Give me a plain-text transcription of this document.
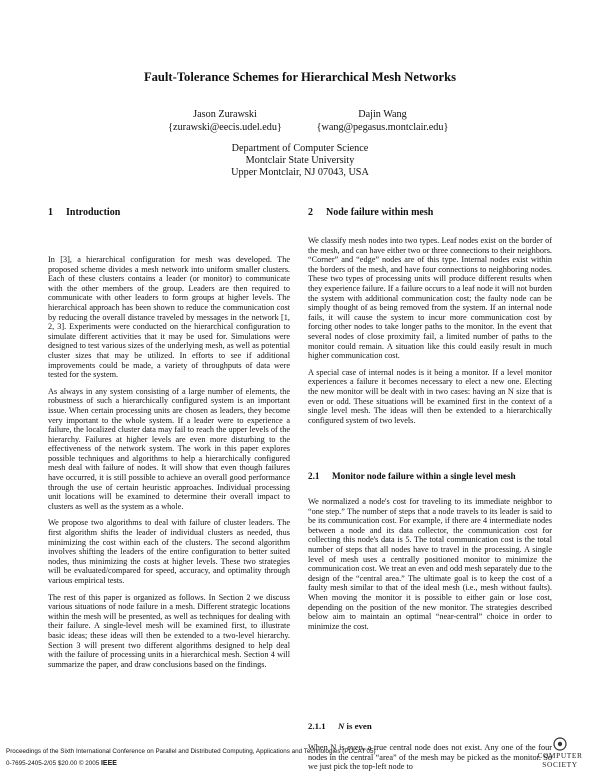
Fault-Tolerance Schemes for Hierarchical Mesh Networks
Jason Zurawski
{zurawski@eecis.udel.edu}
Dajin Wang
{wang@pegasus.montclair.edu}
Department of Computer Science
Montclair State University
Upper Montclair, NJ 07043, USA
1 Introduction

In [3], a hierarchical configuration for mesh was developed. The proposed scheme divides a mesh network into uniform smaller clusters. Each of these clusters contains a leader (or monitor) to communicate with the other members of the group. Leaders are then required to communicate with other leaders to form groups at higher levels. The hierarchical approach has been shown to reduce the communication cost by reducing the overall distance traveled by messages in the network [1, 2, 3]. Experiments were conducted on the hierarchical configuration to simulate different activities that it may be used for. Simulations were designed to test various sizes of the underlying mesh, as well as potential cluster sizes that may be utilized. In efforts to see if additional improvements could be made, a variety of throughputs of data were tested for the system.

As always in any system consisting of a large number of elements, the robustness of such a hierarchically configured system is an important issue. When certain processing units are chosen as leaders, they become very important to the whole system. If a leader were to experience a failure, the localized cluster data may fail to reach the upper levels of the hierarchy. Failures at higher levels are even more disturbing to the effectiveness of the network system. The work in this paper explores possible techniques and algorithms to help a hierarchically configured mesh deal with failure of nodes. It will show that even though failures have occurred, it is still possible to achieve an overall good performance through the use of certain heuristic approaches. Individual processing unit locations will be examined to determine their overall impact to clusters as well as the system as a whole.

We propose two algorithms to deal with failure of cluster leaders. The first algorithm shifts the leader of individual clusters as needed, thus minimizing the cost within each of the clusters. The second algorithm involves shifting the leaders of the entire configuration to better suited nodes, thus minimizing the costs at higher levels. These two strategies will be evaluated/compared for speed, accuracy, and optimality through various empirical tests.

The rest of this paper is organized as follows. In Section 2 we discuss various situations of node failure in a mesh. Different strategic locations within the mesh will be presented, as well as techniques for dealing with their failure. A single-level mesh will be examined first, to illustrate basic ideas; these ideas will then be extended to a two-level hierarchy. Section 3 will present two different algorithms designed to help deal with the failure of processing units in a hierarchical mesh. Section 4 will summarize the paper, and draw conclusions based on the findings.

2 Node failure within mesh

We classify mesh nodes into two types. Leaf nodes exist on the border of the mesh, and can have either two or three connections to their neighbors. “Corner” and “edge” nodes are of this type. Internal nodes exist within the borders of the mesh, and have four connections to neighboring nodes. These two types of processing units will produce different results when they experience failure. If a failure occurs to a leaf node it will not burden the system with additional communication cost; the faulty node can be simply thought of as being removed from the system. If an internal node fails, it will cause the system to incur more communication cost by forcing other nodes to take longer paths to the monitor. In the event that several nodes of close proximity fail, a limited number of paths to the monitor could remain. A situation like this could easily result in much higher communication cost.

A special case of internal nodes is it being a monitor. If a level monitor experiences a failure it becomes necessary to elect a new one. Electing the new monitor will be dealt with in two cases: having an N size that is even or odd. These situations will be examined first in the context of a single level mesh. The ideas will then be extended to a hierarchically configured system of two levels.

2.1 Monitor node failure within a single level mesh

We normalized a node's cost for traveling to its immediate neighbor to “one step.” The number of steps that a node travels to its leader is said to be its communication cost. For example, if there are 4 intermediate nodes between a node and its data collector, the communication cost for collecting this node's data is 5. The total communication cost is the total number of steps that all nodes have to travel in the processing. A single level of mesh uses a centrally positioned monitor to minimize the communication cost. We treat an even and odd mesh separately due to the design of the “central area.” The ultimate goal is to keep the cost of a faulty mesh similar to that of the ideal mesh (i.e., mesh without faults). When moving the monitor it is possible to either gain or lose cost, depending on the position of the new monitor. The strategies described below aim to maintain an optimal “near-central” choice in order to minimize the cost.

2.1.1 N is even

When N is even, a true central node does not exist. Any one of the four nodes in the central “area” of the mesh may be picked as the monitor. So we just pick the top-left node to

Proceedings of the Sixth International Conference on Parallel and Distributed Computing, Applications and Technologies (PDCAT'05)
0-7695-2405-2/05 $20.00 © 2005 IEEE
COMPUTER
SOCIETY
